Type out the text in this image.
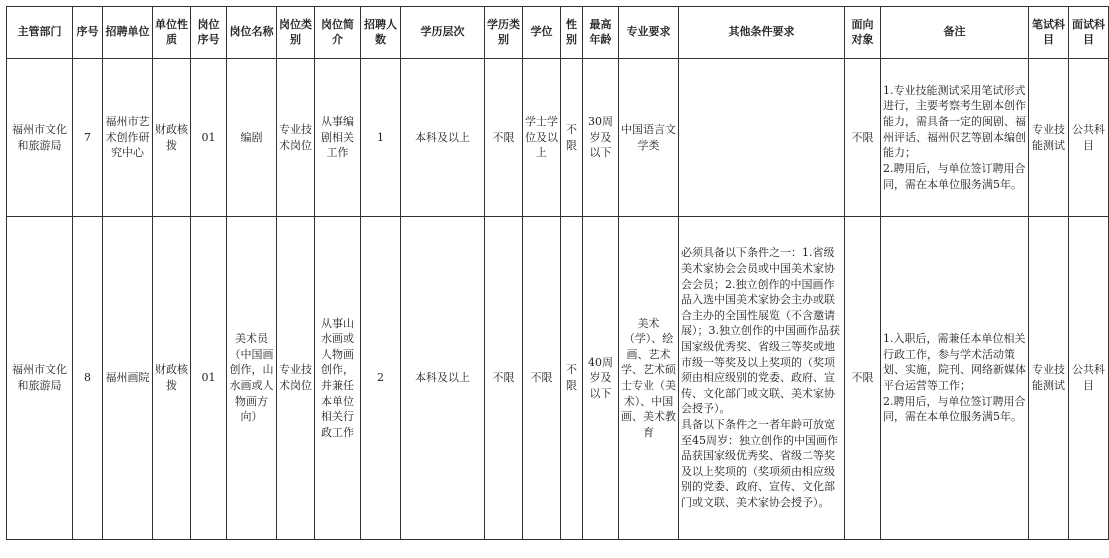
主管部门	序号	招聘单位	单位性质	岗位序号	岗位名称	岗位类别	岗位简介	招聘人数	学历层次	学历类别	学位	性别	最高年龄	专业要求	其他条件要求	面向对象	备注	笔试科目	面试科目
福州市文化和旅游局	7	福州市艺术创作研究中心	财政核拨	01	编剧	专业技术岗位	从事编剧相关工作	1	本科及以上	不限	学士学位及以上	不限	30周岁及以下	中国语言文学类		不限	1.专业技能测试采用笔试形式进行，主要考察考生剧本创作能力，需具备一定的闽剧、福州评话、福州伬艺等剧本编创能力；
2.聘用后，与单位签订聘用合同，需在本单位服务满5年。	专业技能测试	公共科目
福州市文化和旅游局	8	福州画院	财政核拨	01	美术员（中国画创作，山水画或人物画方向）	专业技术岗位	从事山水画或人物画创作，并兼任本单位相关行政工作	2	本科及以上	不限	不限	不限	40周岁及以下	美术（学）、绘画、艺术学、艺术硕士专业（美术）、中国画、美术教育	必须具备以下条件之一：1.省级美术家协会会员或中国美术家协会会员；2.独立创作的中国画作品入选中国美术家协会主办或联合主办的全国性展览（不含邀请展）；3.独立创作的中国画作品获国家级优秀奖、省级三等奖或地市级一等奖及以上奖项的（奖项须由相应级别的党委、政府、宣传、文化部门或文联、美术家协会授予）。
具备以下条件之一者年龄可放宽至45周岁：独立创作的中国画作品获国家级优秀奖、省级二等奖及以上奖项的（奖项须由相应级别的党委、政府、宣传、文化部门或文联、美术家协会授予）。	不限	1.入职后，需兼任本单位相关行政工作，参与学术活动策划、实施，院刊、网络新媒体平台运营等工作；
2.聘用后，与单位签订聘用合同，需在本单位服务满5年。	专业技能测试	公共科目
